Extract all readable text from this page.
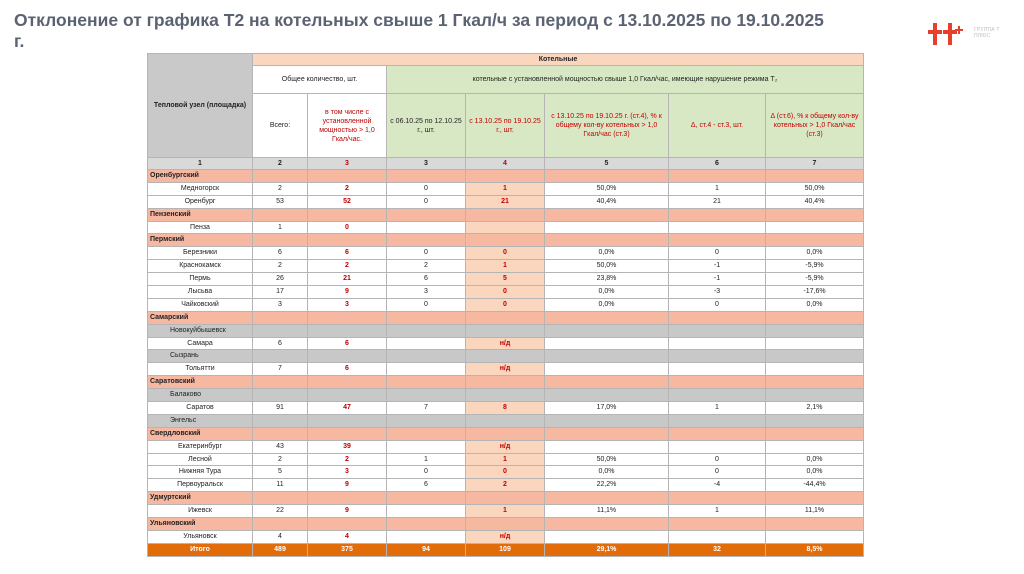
Отклонение от графика Т2 на котельных свыше 1 Гкал/ч за период с 13.10.2025 по 19.10.2025 г.
ГРУППА Т ПЛЮС
Тепловой узел (площадка)	Котельные						
	Общее количество, шт.		котельные с установленной мощностью свыше 1,0 Гкал/час, имеющие нарушение режима Т₂				
	Всего:	в том числе с установленной мощностью > 1,0 Гкал/час.	с 06.10.25 по 12.10.25 г., шт.	с 13.10.25 по 19.10.25 г., шт.	с 13.10.25 по 19.10.25 г. (ст.4), % к общему кол-ву котельных > 1,0 Гкал/час (ст.3)	Δ, ст.4 - ст.3, шт.	Δ (ст.6), % к общему кол-ву котельных > 1,0 Гкал/час (ст.3)
1	2	3	3	4	5	6	7
Оренбургский							
Медногорск	2	2	0	1	50,0%	1	50,0%
Оренбург	53	52	0	21	40,4%	21	40,4%
Пензенский							
Пенза	1	0					
Пермский							
Березники	6	6	0	0	0,0%	0	0,0%
Краснокамск	2	2	2	1	50,0%	-1	-5,9%
Пермь	26	21	6	5	23,8%	-1	-5,9%
Лысьва	17	9	3	0	0,0%	-3	-17,6%
Чайковский	3	3	0	0	0,0%	0	0,0%
Самарский							
Новокуйбышевск							
Самара	6	6		н/д			
Сызрань							
Тольятти	7	6		н/д			
Саратовский							
Балаково							
Саратов	91	47	7	8	17,0%	1	2,1%
Энгельс							
Свердловский							
Екатеринбург	43	39		н/д			
Лесной	2	2	1	1	50,0%	0	0,0%
Нижняя Тура	5	3	0	0	0,0%	0	0,0%
Первоуральск	11	9	6	2	22,2%	-4	-44,4%
Удмуртский							
Ижевск	22	9		1	11,1%	1	11,1%
Ульяновский							
Ульяновск	4	4		н/д			
Итого	489	375	94	109	29,1%	32	8,5%
